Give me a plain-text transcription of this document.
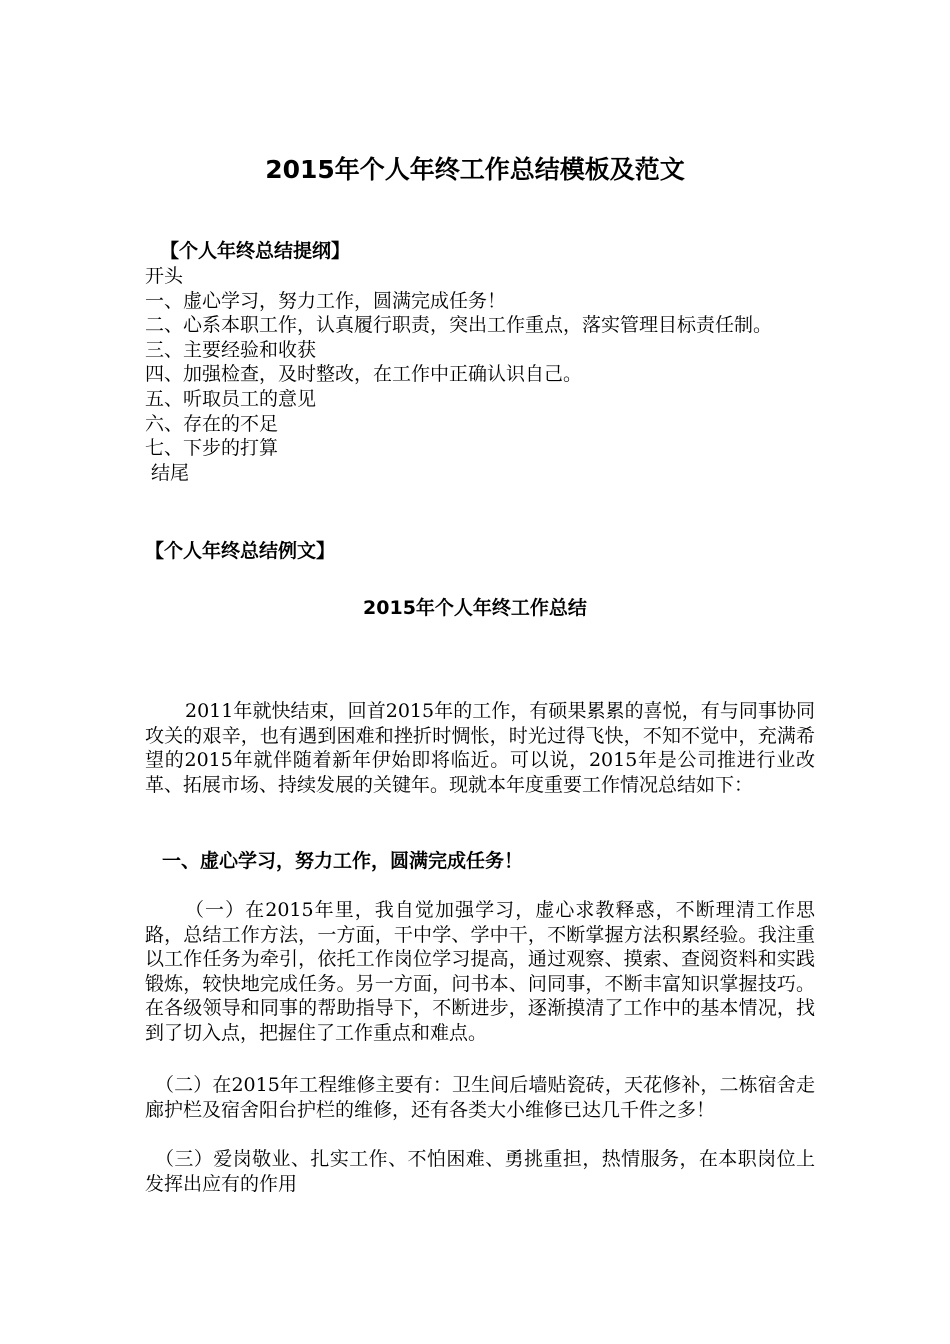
2015年个人年终工作总结模板及范文
【个人年终总结提纲】
开头
一、虚心学习，努力工作，圆满完成任务！
二、心系本职工作，认真履行职责，突出工作重点，落实管理目标责任制。
三、主要经验和收获
四、加强检查，及时整改，在工作中正确认识自己。
五、听取员工的意见
六、存在的不足
七、下步的打算
结尾
【个人年终总结例文】
2015年个人年终工作总结

2011年就快结束，回首2015年的工作，有硕果累累的喜悦，有与同事协同攻关的艰辛，也有遇到困难和挫折时惆怅，时光过得飞快，不知不觉中，充满希望的2015年就伴随着新年伊始即将临近。可以说，2015年是公司推进行业改革、拓展市场、持续发展的关键年。现就本年度重要工作情况总结如下：

一、虚心学习，努力工作，圆满完成任务！

（一）在2015年里，我自觉加强学习，虚心求教释惑，不断理清工作思路，总结工作方法，一方面，干中学、学中干，不断掌握方法积累经验。我注重以工作任务为牵引，依托工作岗位学习提高，通过观察、摸索、查阅资料和实践锻炼，较快地完成任务。另一方面，问书本、问同事，不断丰富知识掌握技巧。在各级领导和同事的帮助指导下，不断进步，逐渐摸清了工作中的基本情况，找到了切入点，把握住了工作重点和难点。

（二）在2015年工程维修主要有：卫生间后墙贴瓷砖，天花修补，二栋宿舍走廊护栏及宿舍阳台护栏的维修，还有各类大小维修已达几千件之多！

（三）爱岗敬业、扎实工作、不怕困难、勇挑重担，热情服务，在本职岗位上发挥出应有的作用
